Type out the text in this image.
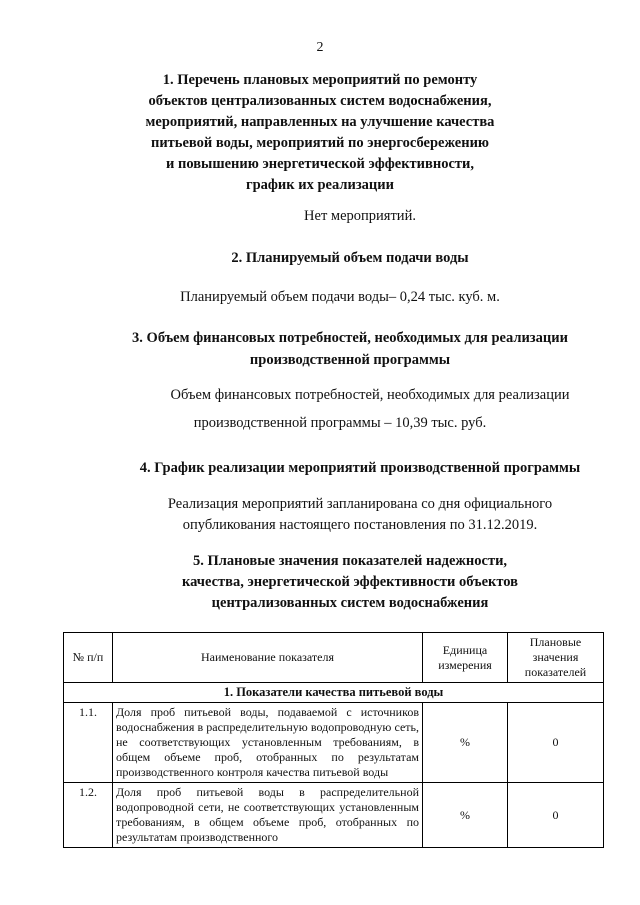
2
1. Перечень плановых мероприятий по ремонту
объектов централизованных систем водоснабжения,
мероприятий, направленных на улучшение качества
питьевой воды, мероприятий по энергосбережению
и повышению энергетической эффективности,
график их реализации
Нет мероприятий.
2. Планируемый объем подачи воды
Планируемый объем подачи воды– 0,24 тыс. куб. м.
3. Объем финансовых потребностей, необходимых для реализации
производственной программы
Объем финансовых потребностей, необходимых для реализации
производственной программы – 10,39 тыс. руб.
4. График реализации мероприятий производственной программы
Реализация мероприятий запланирована со дня официального
опубликования настоящего постановления по 31.12.2019.
5. Плановые значения показателей надежности,
качества, энергетической эффективности объектов
централизованных систем водоснабжения
№ п/п	Наименование показателя	Единица измерения	Плановые значения показателей
1. Показатели качества питьевой воды			
1.1.	Доля проб питьевой воды, подаваемой с источников водоснабжения в распределительную водопроводную сеть, не соответствующих установленным требованиям, в общем объеме проб, отобранных по результатам производственного контроля качества питьевой воды	%	0
1.2.	Доля проб питьевой воды в распределительной водопроводной сети, не соответствующих установленным требованиям, в общем объеме проб, отобранных по результатам производственного	%	0
